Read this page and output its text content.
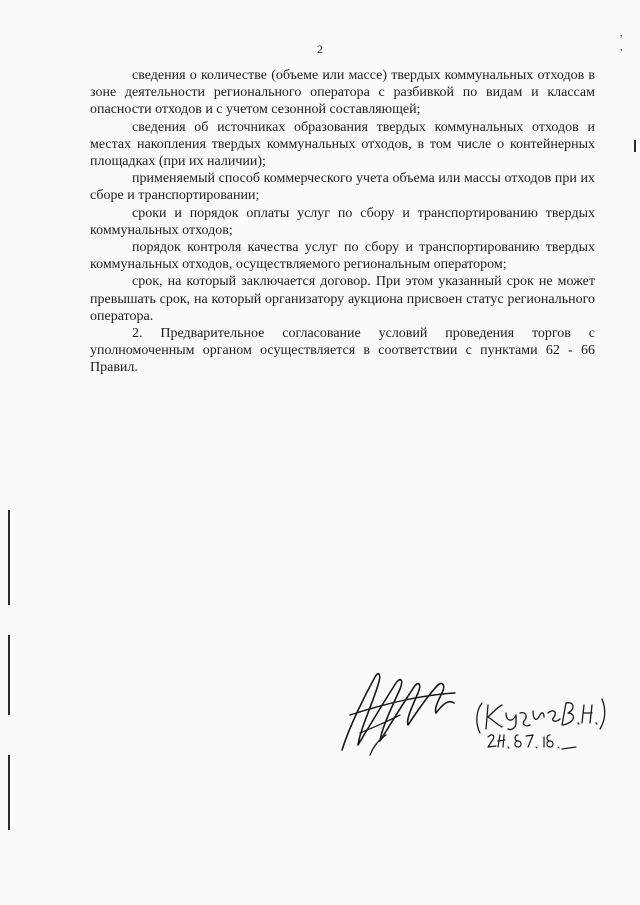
,
,
2

сведения о количестве (объеме или массе) твердых коммунальных отходов в зоне деятельности регионального оператора с разбивкой по видам и классам опасности отходов и с учетом сезонной составляющей;

сведения об источниках образования твердых коммунальных отходов и местах накопления твердых коммунальных отходов, в том числе о контейнерных площадках (при их наличии);

применяемый способ коммерческого учета объема или массы отходов при их сборе и транспортировании;

сроки и порядок оплаты услуг по сбору и транспортированию твердых коммунальных отходов;

порядок контроля качества услуг по сбору и транспортированию твердых коммунальных отходов, осуществляемого региональным оператором;

срок, на который заключается договор. При этом указанный срок не может превышать срок, на который организатору аукциона присвоен статус регионального оператора.

2. Предварительное согласование условий проведения торгов с уполномоченным органом осуществляется в соответствии с пунктами 62 - 66 Правил.
